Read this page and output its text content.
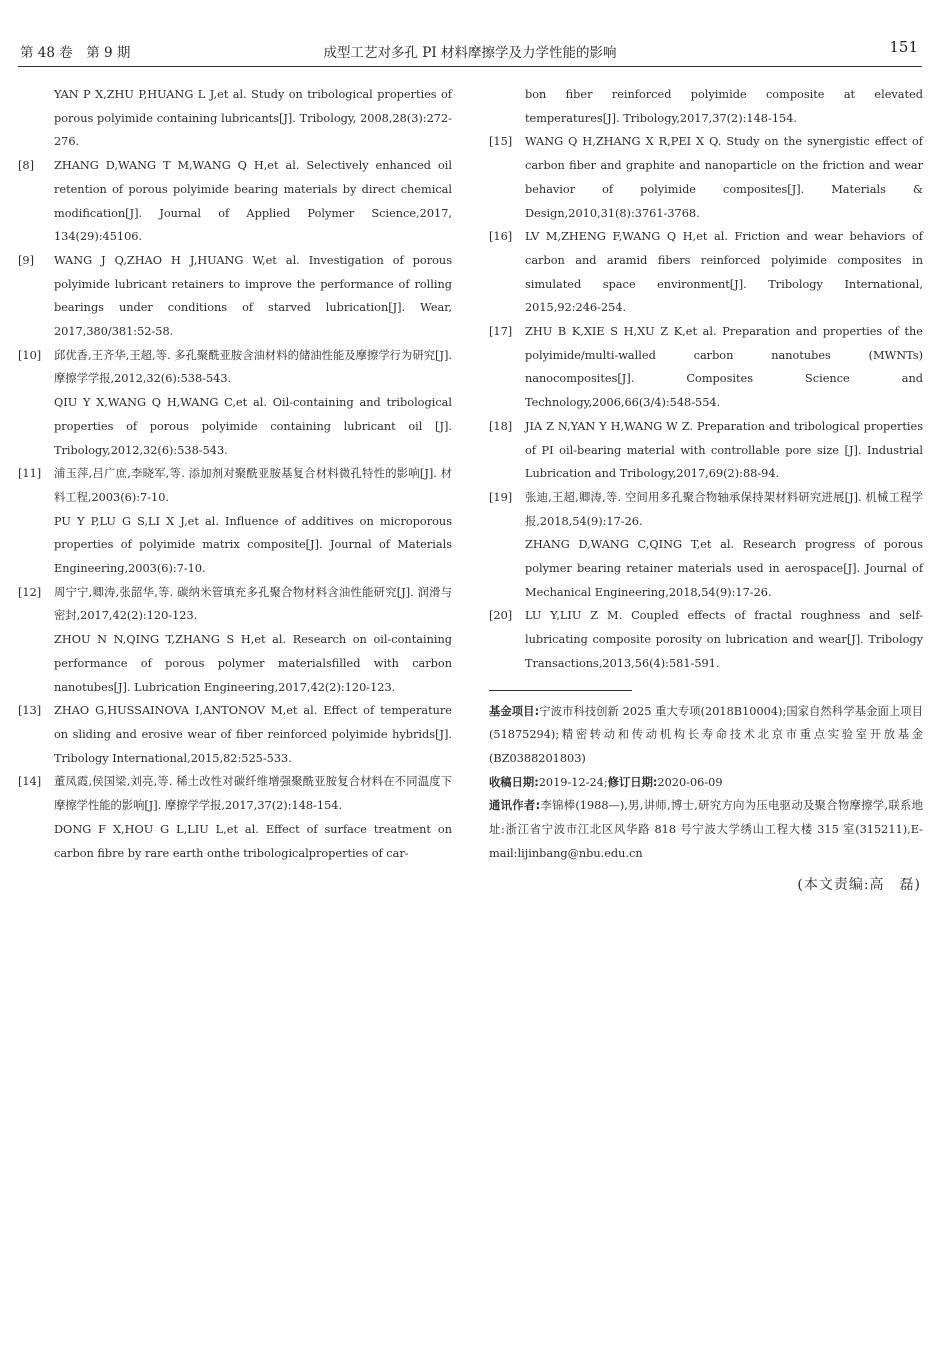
第 48 卷　第 9 期	成型工艺对多孔 PI 材料摩擦学及力学性能的影响	151
YAN P X,ZHU P,HUANG L J,et al. Study on tribological properties of porous polyimide containing lubricants[J]. Tribology, 2008,28(3):272-276.
[8] ZHANG D,WANG T M,WANG Q H,et al. Selectively enhanced oil retention of porous polyimide bearing materials by direct chemical modification[J]. Journal of Applied Polymer Science,2017, 134(29):45106.
[9] WANG J Q,ZHAO H J,HUANG W,et al. Investigation of porous polyimide lubricant retainers to improve the performance of rolling bearings under conditions of starved lubrication[J]. Wear, 2017,380/381:52-58.
[10] 邱优香,王齐华,王超,等. 多孔聚酰亚胺含油材料的储油性能及摩擦学行为研究[J]. 摩擦学学报,2012,32(6):538-543.
QIU Y X,WANG Q H,WANG C,et al. Oil-containing and tribological properties of porous polyimide containing lubricant oil [J]. Tribology,2012,32(6):538-543.
[11] 浦玉萍,吕广庶,李晓军,等. 添加剂对聚酰亚胺基复合材料微孔特性的影响[J]. 材料工程,2003(6):7-10.
PU Y P,LU G S,LI X J,et al. Influence of additives on microporous properties of polyimide matrix composite[J]. Journal of Materials Engineering,2003(6):7-10.
[12] 周宁宁,卿涛,张韶华,等. 碳纳米管填充多孔聚合物材料含油性能研究[J]. 润滑与密封,2017,42(2):120-123.
ZHOU N N,QING T,ZHANG S H,et al. Research on oil-containing performance of porous polymer materialsfilled with carbon nanotubes[J]. Lubrication Engineering,2017,42(2):120-123.
[13] ZHAO G,HUSSAINOVA I,ANTONOV M,et al. Effect of temperature on sliding and erosive wear of fiber reinforced polyimide hybrids[J]. Tribology International,2015,82:525-533.
[14] 董凤霞,侯国梁,刘亮,等. 稀土改性对碳纤维增强聚酰亚胺复合材料在不同温度下摩擦学性能的影响[J]. 摩擦学学报,2017,37(2):148-154.
DONG F X,HOU G L,LIU L,et al. Effect of surface treatment on carbon fibre by rare earth onthe tribologicalproperties of car-
bon fiber reinforced polyimide composite at elevated temperatures[J]. Tribology,2017,37(2):148-154.
[15] WANG Q H,ZHANG X R,PEI X Q. Study on the synergistic effect of carbon fiber and graphite and nanoparticle on the friction and wear behavior of polyimide composites[J]. Materials & Design,2010,31(8):3761-3768.
[16] LV M,ZHENG F,WANG Q H,et al. Friction and wear behaviors of carbon and aramid fibers reinforced polyimide composites in simulated space environment[J]. Tribology International, 2015,92:246-254.
[17] ZHU B K,XIE S H,XU Z K,et al. Preparation and properties of the polyimide/multi-walled carbon nanotubes (MWNTs) nanocomposites[J]. Composites Science and Technology,2006,66(3/4):548-554.
[18] JIA Z N,YAN Y H,WANG W Z. Preparation and tribological properties of PI oil-bearing material with controllable pore size [J]. Industrial Lubrication and Tribology,2017,69(2):88-94.
[19] 张迪,王超,卿涛,等. 空间用多孔聚合物轴承保持架材料研究进展[J]. 机械工程学报,2018,54(9):17-26.
ZHANG D,WANG C,QING T,et al. Research progress of porous polymer bearing retainer materials used in aerospace[J]. Journal of Mechanical Engineering,2018,54(9):17-26.
[20] LU Y,LIU Z M. Coupled effects of fractal roughness and self-lubricating composite porosity on lubrication and wear[J]. Tribology Transactions,2013,56(4):581-591.
基金项目:宁波市科技创新 2025 重大专项(2018B10004);国家自然科学基金面上项目(51875294);精密转动和传动机构长寿命技术北京市重点实验室开放基金(BZ0388201803)
收稿日期:2019-12-24;修订日期:2020-06-09
通讯作者:李锦棒(1988—),男,讲师,博士,研究方向为压电驱动及聚合物摩擦学,联系地址:浙江省宁波市江北区风华路 818 号宁波大学绣山工程大楼 315 室(315211),E-mail:lijinbang@nbu.edu.cn
(本文责编:高　磊)
